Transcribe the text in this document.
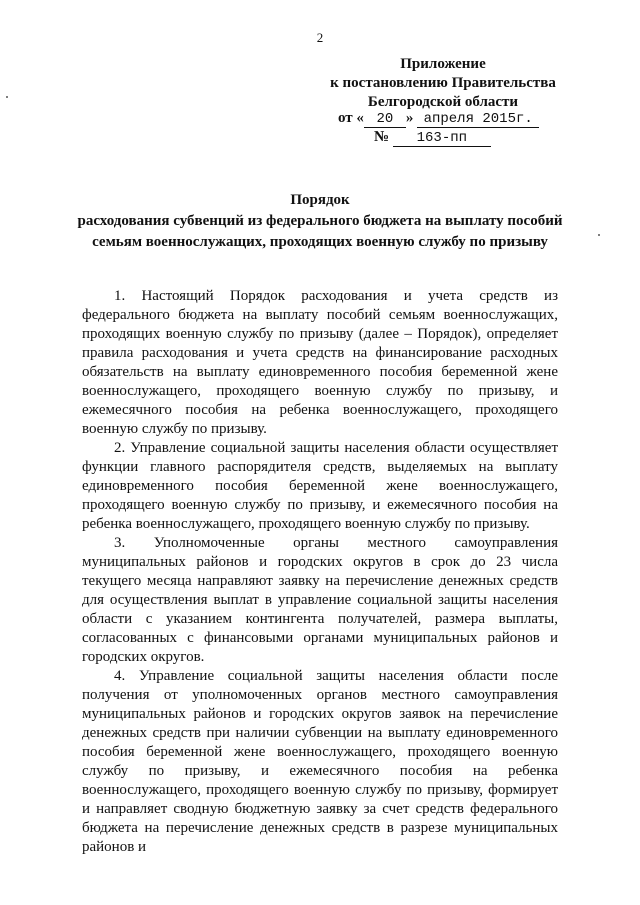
2
Приложение
к постановлению Правительства
Белгородской области
от « 20 » апреля 2015г.
№ 163-пп
Порядок
расходования субвенций из федерального бюджета на выплату пособий
семьям военнослужащих, проходящих военную службу по призыву

1. Настоящий Порядок расходования и учета средств из федерального бюджета на выплату пособий семьям военнослужащих, проходящих военную службу по призыву (далее – Порядок), определяет правила расходования и учета средств на финансирование расходных обязательств на выплату единовременного пособия беременной жене военнослужащего, проходящего военную службу по призыву, и ежемесячного пособия на ребенка военнослужащего, проходящего военную службу по призыву.

2. Управление социальной защиты населения области осуществляет функции главного распорядителя средств, выделяемых на выплату единовременного пособия беременной жене военнослужащего, проходящего военную службу по призыву, и ежемесячного пособия на ребенка военнослужащего, проходящего военную службу по призыву.

3. Уполномоченные органы местного самоуправления муниципальных районов и городских округов в срок до 23 числа текущего месяца направляют заявку на перечисление денежных средств для осуществления выплат в управление социальной защиты населения области с указанием контингента получателей, размера выплаты, согласованных с финансовыми органами муниципальных районов и городских округов.

4. Управление социальной защиты населения области после получения от уполномоченных органов местного самоуправления муниципальных районов и городских округов заявок на перечисление денежных средств при наличии субвенции на выплату единовременного пособия беременной жене военнослужащего, проходящего военную службу по призыву, и ежемесячного пособия на ребенка военнослужащего, проходящего военную службу по призыву, формирует и направляет сводную бюджетную заявку за счет средств федерального бюджета на перечисление денежных средств в разрезе муниципальных районов и
